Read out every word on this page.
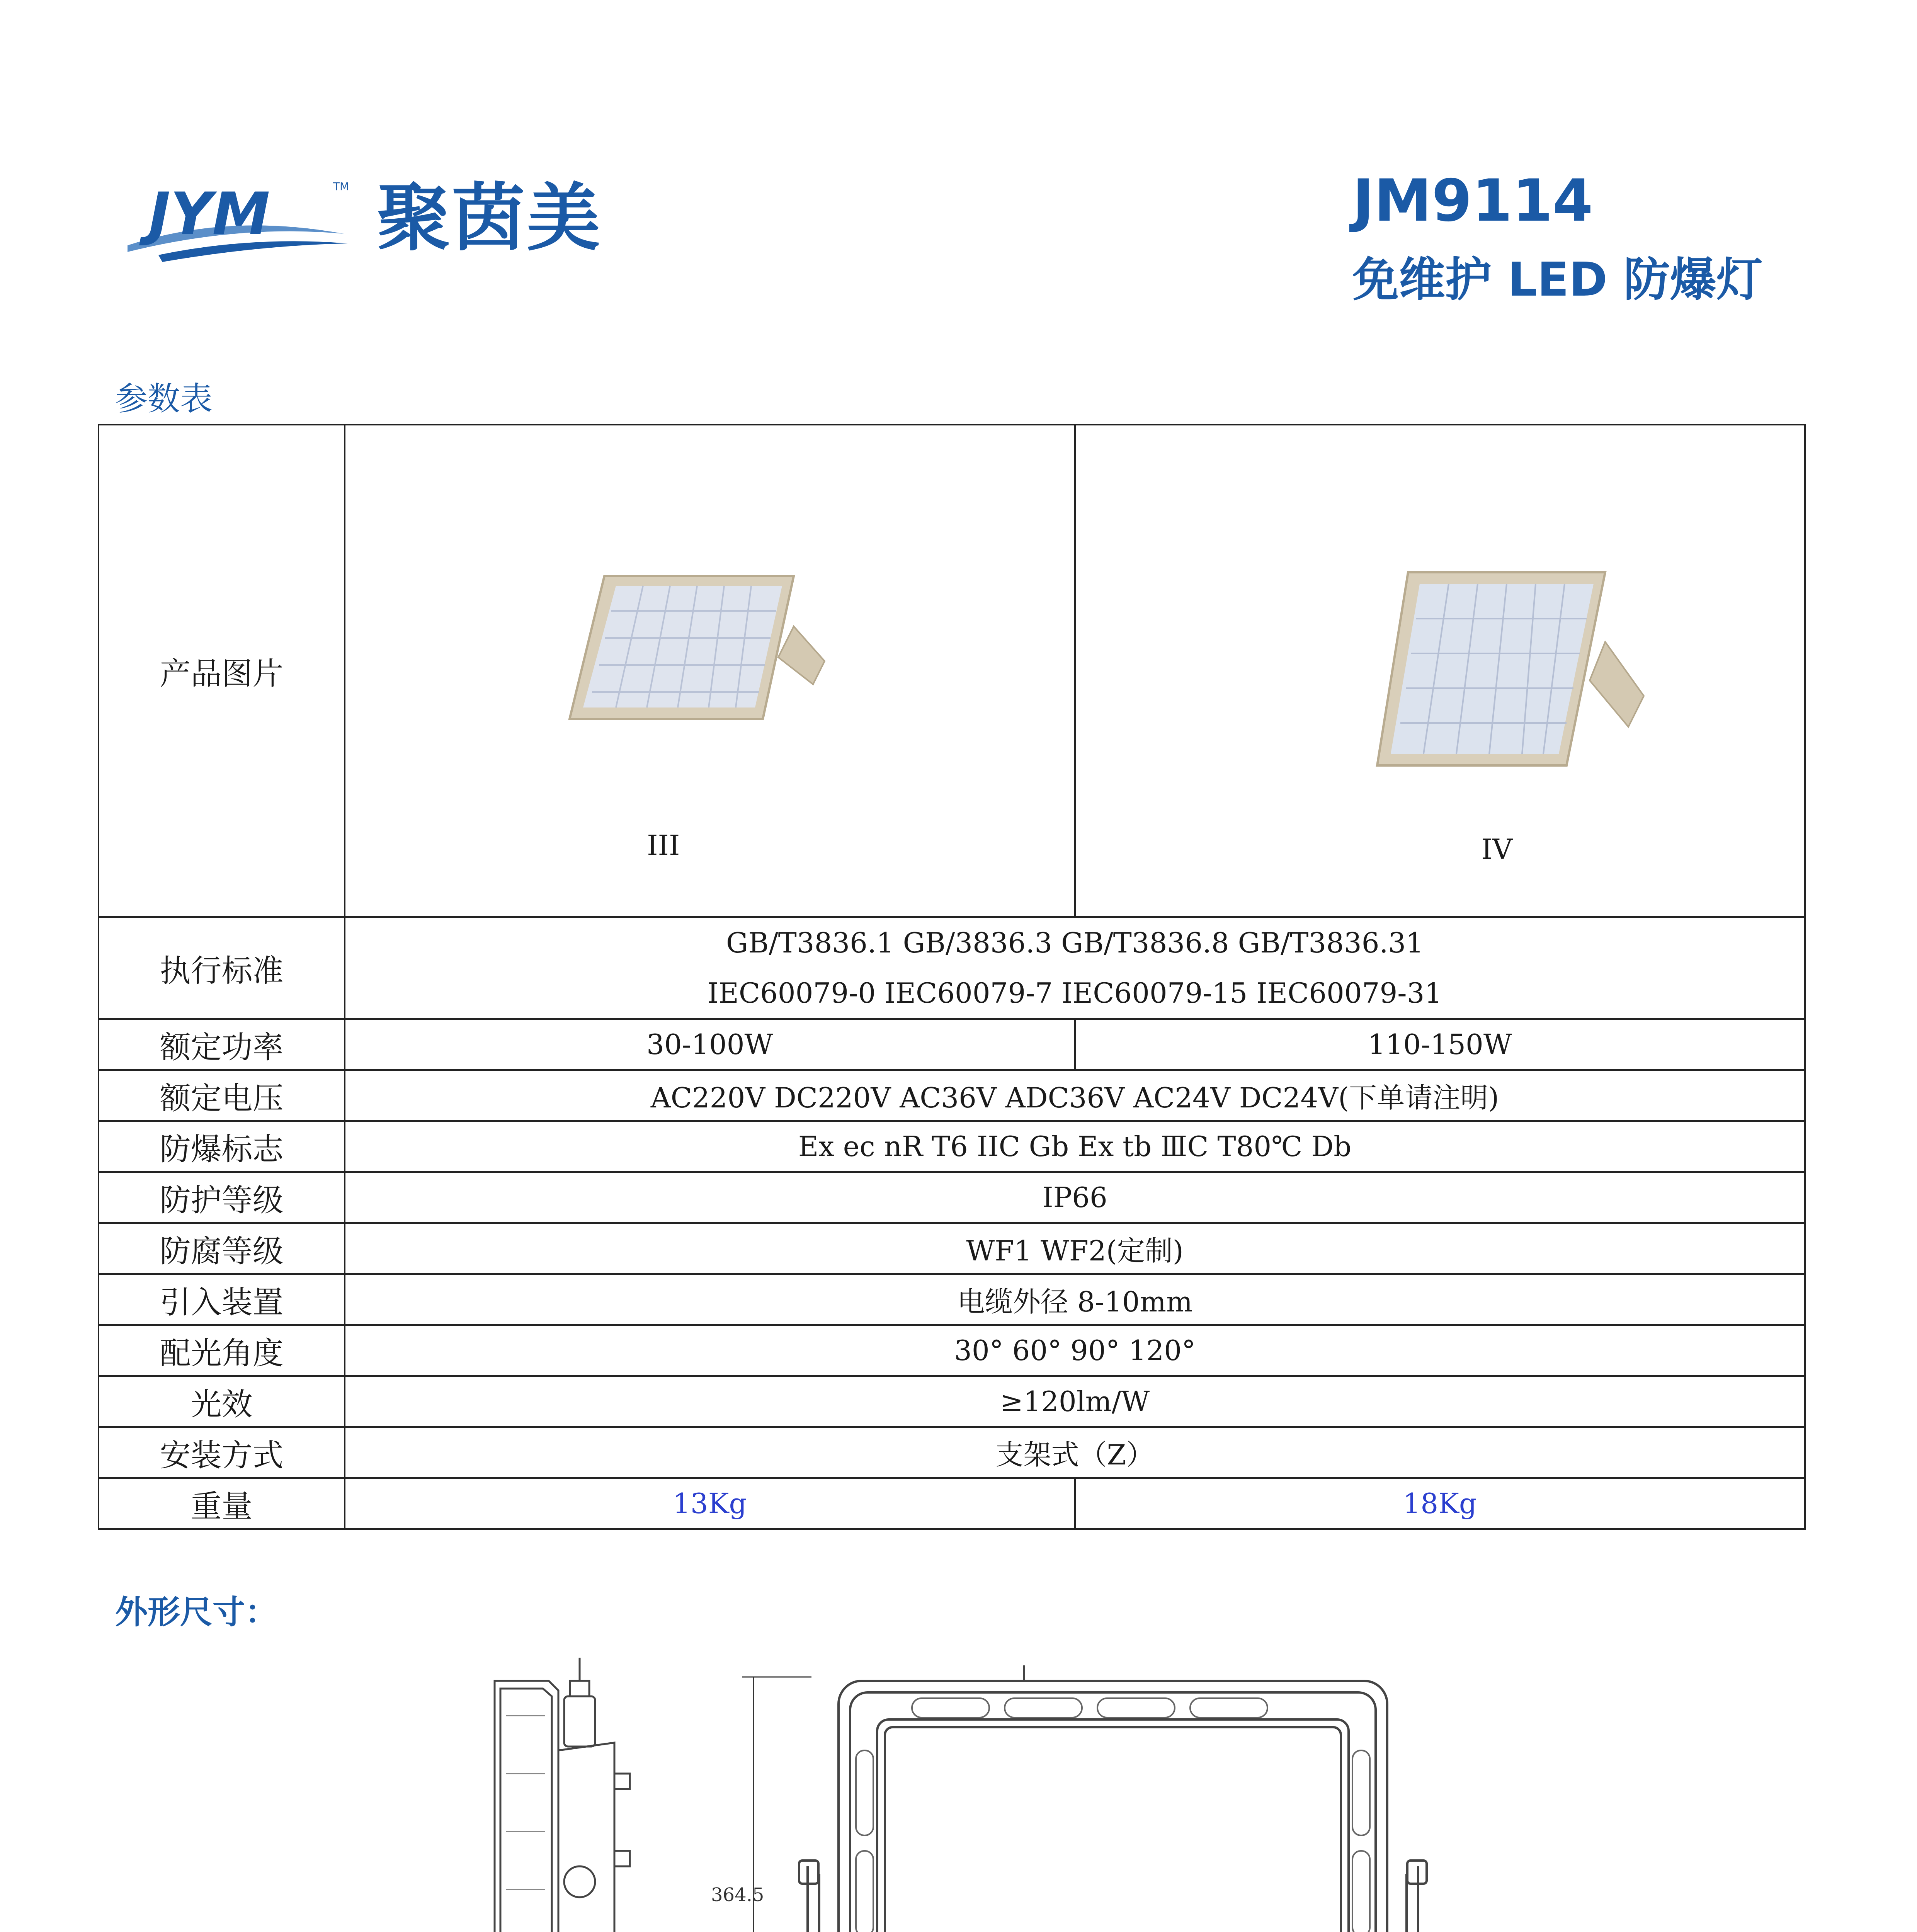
JYM	TM 聚茵美	JM9114
免维护 LED 防爆灯
参数表
产品图片	III	IV

执行标准	GB/T3836.1 GB/3836.3 GB/T3836.8 GB/T3836.31
IEC60079-0 IEC60079-7 IEC60079-15 IEC60079-31	

额定功率	30-100W	110-150W
额定电压	AC220V DC220V AC36V ADC36V AC24V DC24V(下单请注明)	
防爆标志	Ex ec nR T6 IIC Gb Ex tb ⅢC T80℃ Db	
防护等级	IP66	
防腐等级	WF1 WF2(定制)	
引入装置	电缆外径 8-10mm	
配光角度	30° 60° 90° 120°	
光效	≥120lm/W	
安装方式	支架式（Z）	
重量	13Kg	18Kg
外形尺寸：
364.5
